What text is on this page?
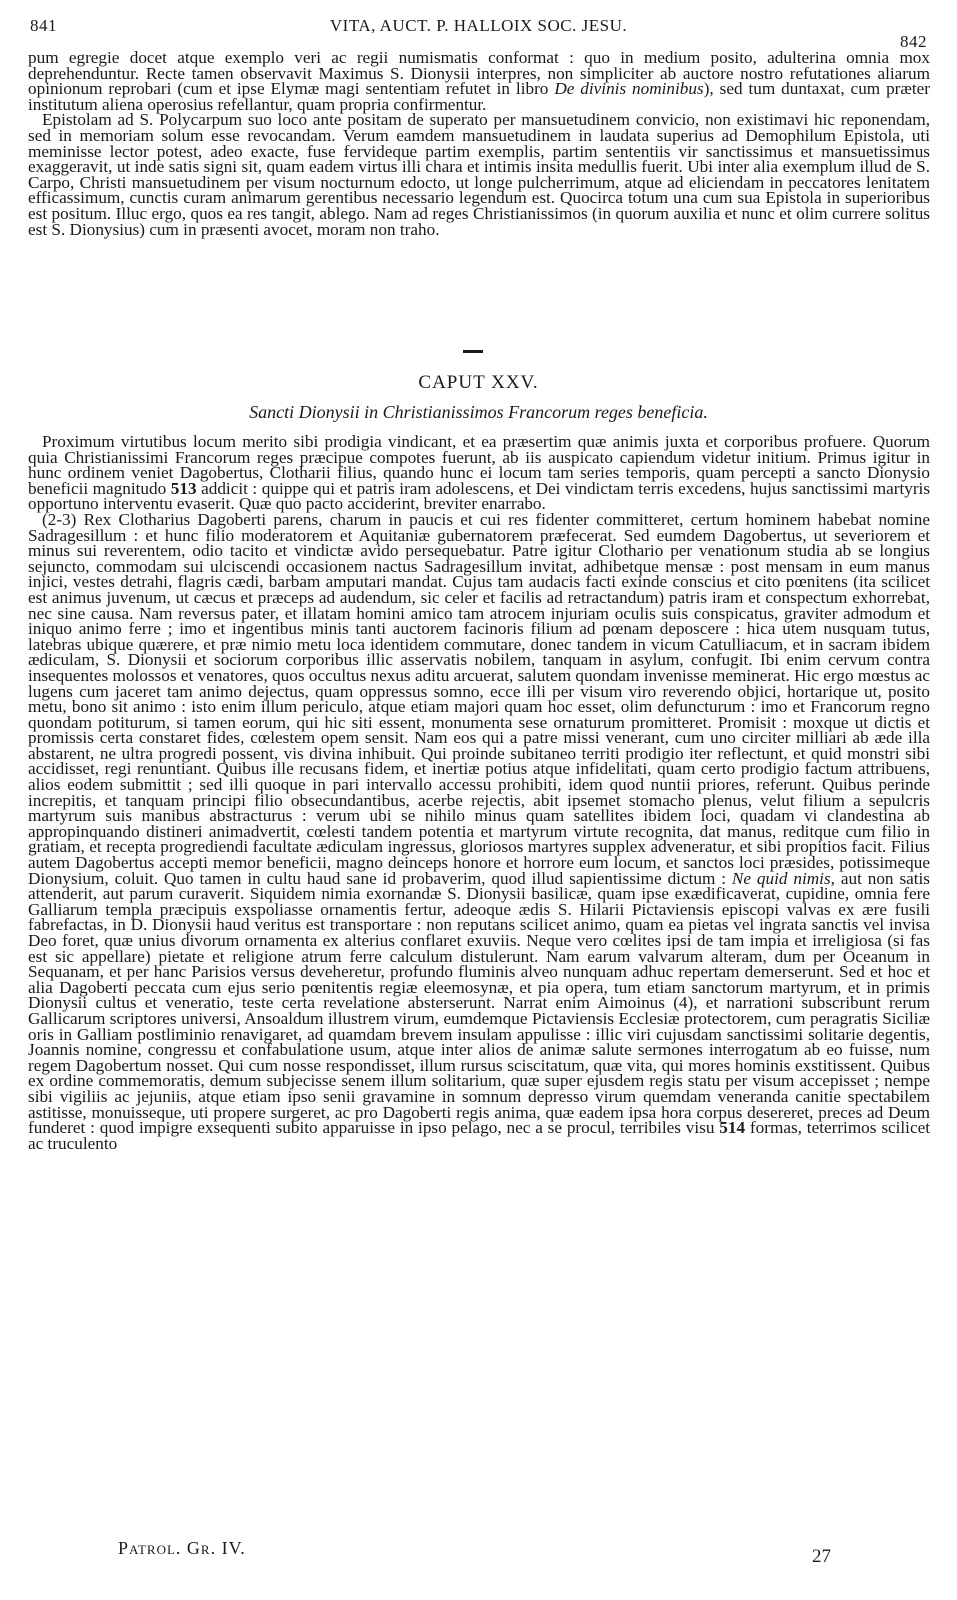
841	VITA, AUCT. P. HALLOIX SOC. JESU.
842

pum egregie docet atque exemplo veri ac regii numismatis conformat : quo in medium posito, adulterina omnia mox deprehenduntur. Recte tamen observavit Maximus S. Dionysii interpres, non simpliciter ab auctore nostro refutationes aliarum opinionum reprobari (cum et ipse Elymæ magi sententiam refutet in libro De divinis nominibus), sed tum duntaxat, cum præter institutum aliena operosius refellantur, quam propria confirmentur.

Epistolam ad S. Polycarpum suo loco ante positam de superato per mansuetudinem convicio, non existimavi hic reponendam, sed in memoriam solum esse revocandam. Verum eamdem mansuetudinem in laudata superius ad Demophilum Epistola, uti meminisse lector potest, adeo exacte, fuse fervideque partim exemplis, partim sententiis vir sanctissimus et mansuetissimus exaggeravit, ut inde satis signi sit, quam eadem virtus illi chara et intimis insita medullis fuerit. Ubi inter alia exemplum illud de S. Carpo, Christi mansuetudinem per visum nocturnum edocto, ut longe pulcherrimum, atque ad eliciendam in peccatores lenitatem efficassimum, cunctis curam animarum gerentibus necessario legendum est. Quocirca totum una cum sua Epistola in superioribus est positum. Illuc ergo, quos ea res tangit, ablego. Nam ad reges Christianissimos (in quorum auxilia et nunc et olim currere solitus est S. Dionysius) cum in præsenti avocet, moram non traho.

CAPUT XXV.
Sancti Dionysii in Christianissimos Francorum reges beneficia.

Proximum virtutibus locum merito sibi prodigia vindicant, et ea præsertim quæ animis juxta et corporibus profuere. Quorum quia Christianissimi Francorum reges præcipue compotes fuerunt, ab iis auspicato capiendum videtur initium. Primus igitur in hunc ordinem veniet Dagobertus, Clotharii filius, quando hunc ei locum tam series temporis, quam percepti a sancto Dionysio beneficii magnitudo 513 addicit : quippe qui et patris iram adolescens, et Dei vindictam terris excedens, hujus sanctissimi martyris opportuno interventu evaserit. Quæ quo pacto acciderint, breviter enarrabo.

(2-3) Rex Clotharius Dagoberti parens, charum in paucis et cui res fidenter committeret, certum hominem habebat nomine Sadragesillum : et hunc filio moderatorem et Aquitaniæ gubernatorem præfecerat. Sed eumdem Dagobertus, ut severiorem et minus sui reverentem, odio tacito et vindictæ avido persequebatur. Patre igitur Clothario per venationum studia ab se longius sejuncto, commodam sui ulciscendi occasionem nactus Sadragesillum invitat, adhibetque mensæ : post mensam in eum manus injici, vestes detrahi, flagris cædi, barbam amputari mandat. Cujus tam audacis facti exinde conscius et cito pœnitens (ita scilicet est animus juvenum, ut cæcus et præceps ad audendum, sic celer et facilis ad retractandum) patris iram et conspectum exhorrebat, nec sine causa. Nam reversus pater, et illatam homini amico tam atrocem injuriam oculis suis conspicatus, graviter admodum et iniquo animo ferre ; imo et ingentibus minis tanti auctorem facinoris filium ad pœnam deposcere : hica utem nusquam tutus, latebras ubique quærere, et præ nimio metu loca identidem commutare, donec tandem in vicum Catulliacum, et in sacram ibidem ædiculam, S. Dionysii et sociorum corporibus illic asservatis nobilem, tanquam in asylum, confugit. Ibi enim cervum contra insequentes molossos et venatores, quos occultus nexus aditu arcuerat, salutem quondam invenisse meminerat. Hic ergo mœstus ac lugens cum jaceret tam animo dejectus, quam oppressus somno, ecce illi per visum viro reverendo objici, hortarique ut, posito metu, bono sit animo : isto enim illum periculo, atque etiam majori quam hoc esset, olim defuncturum : imo et Francorum regno quondam potiturum, si tamen eorum, qui hic siti essent, monumenta sese ornaturum promitteret. Promisit : moxque ut dictis et promissis certa constaret fides, cœlestem opem sensit. Nam eos qui a patre missi venerant, cum uno circiter milliari ab æde illa abstarent, ne ultra progredi possent, vis divina inhibuit. Qui proinde subitaneo territi prodigio iter reflectunt, et quid monstri sibi accidisset, regi renuntiant. Quibus ille recusans fidem, et inertiæ potius atque infidelitati, quam certo prodigio factum attribuens, alios eodem submittit ; sed illi quoque in pari intervallo accessu prohibiti, idem quod nuntii priores, referunt. Quibus perinde increpitis, et tanquam principi filio obsecundantibus, acerbe rejectis, abit ipsemet stomacho plenus, velut filium a sepulcris martyrum suis manibus abstracturus : verum ubi se nihilo minus quam satellites ibidem loci, quadam vi clandestina ab appropinquando distineri animadvertit, cœlesti tandem potentia et martyrum virtute recognita, dat manus, reditque cum filio in gratiam, et recepta progrediendi facultate ædiculam ingressus, gloriosos martyres supplex adveneratur, et sibi propitios facit. Filius autem Dagobertus accepti memor beneficii, magno deinceps honore et horrore eum locum, et sanctos loci præsides, potissimeque Dionysium, coluit. Quo tamen in cultu haud sane id probaverim, quod illud sapientissime dictum : Ne quid nimis, aut non satis attenderit, aut parum curaverit. Siquidem nimia exornandæ S. Dionysii basilicæ, quam ipse exædificaverat, cupidine, omnia fere Galliarum templa præcipuis exspoliasse ornamentis fertur, adeoque ædis S. Hilarii Pictaviensis episcopi valvas ex ære fusili fabrefactas, in D. Dionysii haud veritus est transportare : non reputans scilicet animo, quam ea pietas vel ingrata sanctis vel invisa Deo foret, quæ unius divorum ornamenta ex alterius conflaret exuviis. Neque vero cœlites ipsi de tam impia et irreligiosa (si fas est sic appellare) pietate et religione atrum ferre calculum distulerunt. Nam earum valvarum alteram, dum per Oceanum in Sequanam, et per hanc Parisios versus deveheretur, profundo fluminis alveo nunquam adhuc repertam demerserunt. Sed et hoc et alia Dagoberti peccata cum ejus serio pœnitentis regiæ eleemosynæ, et pia opera, tum etiam sanctorum martyrum, et in primis Dionysii cultus et veneratio, teste certa revelatione absterserunt. Narrat enim Aimoinus (4), et narrationi subscribunt rerum Gallicarum scriptores universi, Ansoaldum illustrem virum, eumdemque Pictaviensis Ecclesiæ protectorem, cum peragratis Siciliæ oris in Galliam postliminio renavigaret, ad quamdam brevem insulam appulisse : illic viri cujusdam sanctissimi solitarie degentis, Joannis nomine, congressu et confabulatione usum, atque inter alios de animæ salute sermones interrogatum ab eo fuisse, num regem Dagobertum nosset. Qui cum nosse respondisset, illum rursus sciscitatum, quæ vita, qui mores hominis exstitissent. Quibus ex ordine commemoratis, demum subjecisse senem illum solitarium, quæ super ejusdem regis statu per visum accepisset ; nempe sibi vigiliis ac jejuniis, atque etiam ipso senii gravamine in somnum depresso virum quemdam veneranda canitie spectabilem astitisse, monuisseque, uti propere surgeret, ac pro Dagoberti regis anima, quæ eadem ipsa hora corpus desereret, preces ad Deum funderet : quod impigre exsequenti subito apparuisse in ipso pelago, nec a se procul, terribiles visu 514 formas, teterrimos scilicet ac truculento

Patrol. Gr. IV.	27
